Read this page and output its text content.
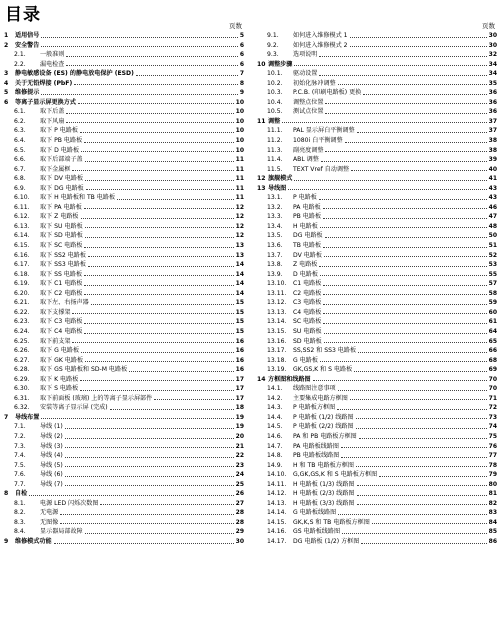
目录
页数
1 适用信号	5
2 安全警告	6
2.1. 一般准则	6
2.2. 漏电检查	6
3 静电敏感设备 (ES) 的静电放电保护 (ESD)	7
4 关于无铅焊接 (PbF)	8
5 维修提示	9
6 等离子显示屏更换方式	10
6.1. 取下后盖	10
6.2. 取下风扇	10
6.3. 取下 P 电路板	10
6.4. 取下 PB 电路板	10
6.5. 取下 D 电路板	10
6.6. 取下后部端子盖	11
6.7. 取下金属框	11
6.8. 取下 DV 电路板	11
6.9. 取下 DG 电路板	11
6.10. 取下 H 电路板和 TB 电路板	11
6.11. 取下 PA 电路板	12
6.12. 取下 Z 电路板	12
6.13. 取下 SU 电路板	12
6.14. 取下 SD 电路板	12
6.15. 取下 SC 电路板	13
6.16. 取下 SS2 电路板	13
6.17. 取下 SS3 电路板	14
6.18. 取下 SS 电路板	14
6.19. 取下 C1 电路板	14
6.20. 取下 C2 电路板	14
6.21. 取下左、右扬声器	15
6.22. 取下支撑架	15
6.23. 取下 C3 电路板	15
6.24. 取下 C4 电路板	15
6.25. 取下前支架	16
6.26. 取下 G 电路板	16
6.27. 取下 GK 电路板	16
6.28. 取下 GS 电路板和 SD-M 电路板	16
6.29. 取下 K 电路板	17
6.30. 取下 S 电路板	17
6.31. 取下前面板 (玻璃) 上的等离子显示屏部件	17
6.32. 安装等离子显示屏 (完成)	18
7 导线布置	19
7.1. 导线 (1)	19
7.2. 导线 (2)	20
7.3. 导线 (3)	21
7.4. 导线 (4)	22
7.5. 导线 (5)	23
7.6. 导线 (6)	24
7.7. 导线 (7)	25
8 自检	26
8.1. 电源 LED 闪烁次数图	27
8.2. 无电源	28
8.3. 无图像	28
8.4. 显示器局部故障	29
9 维修模式功能	30
页数
9.1. 如何进入维修模式 1	30
9.2. 如何进入维修模式 2	30
9.3. 选项说明	32
10 调整步骤	34
10.1. 驱动设置	34
10.2. 初始化脉冲调整	35
10.3. P.C.B. (印刷电路板) 更换	36
10.4. 调整点位置	36
10.5. 测试点位置	36
11 调整	37
11.1. PAL 显示屏白平衡调整	37
11.2. 1080i 白平衡调整	38
11.3. 副亮度调整	38
11.4. ABL 调整	39
11.5. TEXT Vref 自动调整	40
12 旗舰模式	41
13 导线图	43
13.1. P 电路板	43
13.2. PA 电路板	46
13.3. PB 电路板	47
13.4. H 电路板	48
13.5. DG 电路板	50
13.6. TB 电路板	51
13.7. DV 电路板	52
13.8. Z 电路板	53
13.9. D 电路板	55
13.10. C1 电路板	57
13.11. C2 电路板	58
13.12. C3 电路板	59
13.13. C4 电路板	60
13.14. SC 电路板	61
13.15. SU 电路板	64
13.16. SD 电路板	65
13.17. SS,SS2 和 SS3 电路板	66
13.18. G 电路板	68
13.19. GK,GS,K 和 S 电路板	69
14 方框图和线路图	70
14.1. 线路图注意事项	70
14.2. 主要集成电路方框图	71
14.3. P 电路板方框图	72
14.4. P 电路板 (1/2) 线路图	73
14.5. P 电路板 (2/2) 线路图	74
14.6. PA 和 PB 电路板方框图	75
14.7. PA 电路板线路图	76
14.8. PB 电路板线路图	77
14.9. H 和 TB 电路板方框图	78
14.10. G,GK,GS,K 和 S 电路板方框图	79
14.11. H 电路板 (1/3) 线路图	80
14.12. H 电路板 (2/3) 线路图	81
14.13. H 电路板 (3/3) 线路图	82
14.14. G 电路板线路图	83
14.15. GK,K,S 和 TB 电路板方框图	84
14.16. GS 电路板线路图	85
14.17. DG 电路板 (1/2) 方框图	86
